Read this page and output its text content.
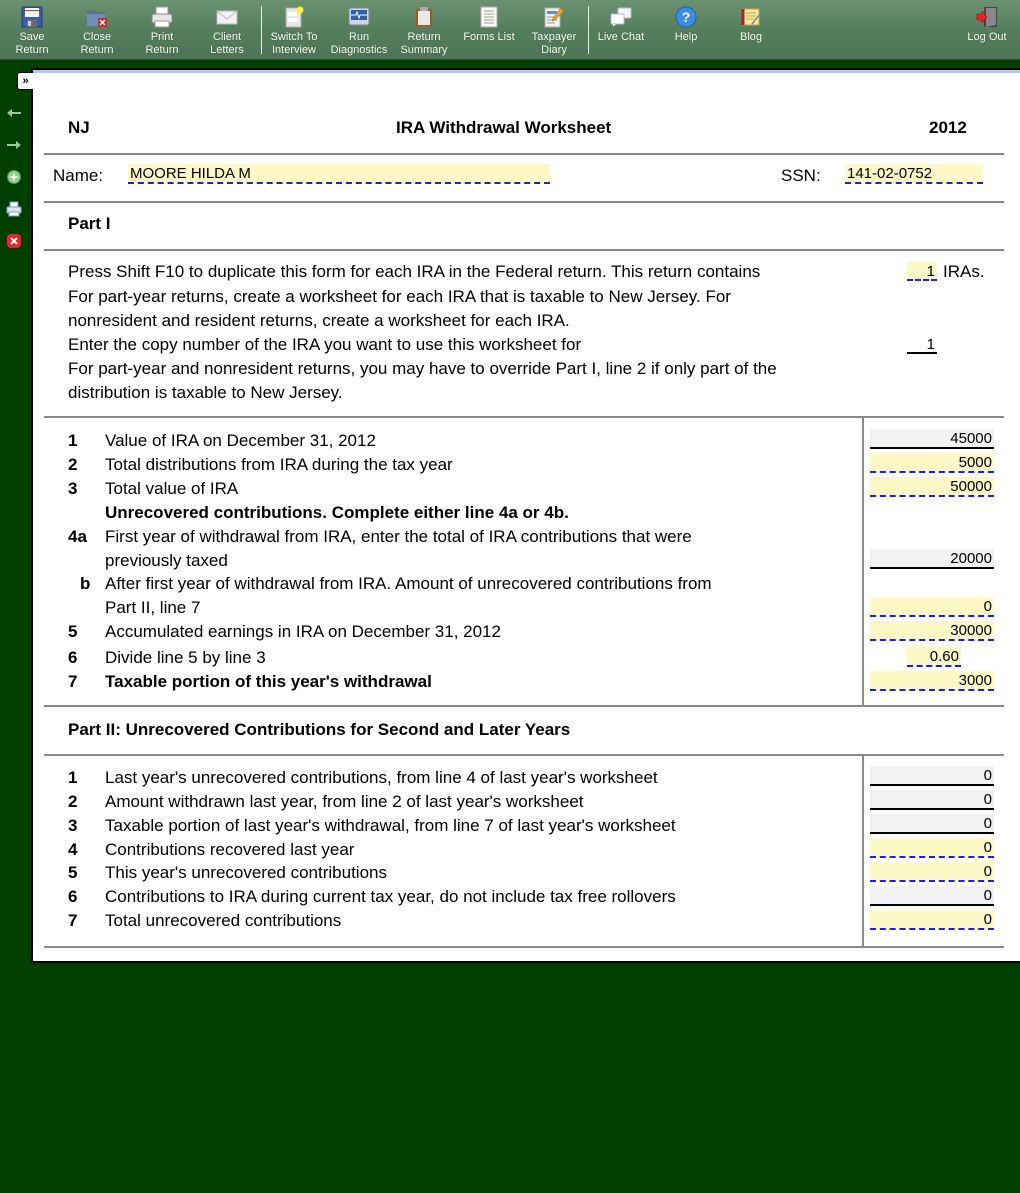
Save
Return
Close
Return
Print
Return
Client
Letters
Switch To
Interview
Run
Diagnostics
Return
Summary
Forms List	Taxpayer
Diary
Live Chat
?
Help	Blog	Log Out
»
NJ	IRA Withdrawal Worksheet	2012
Name: MOORE HILDA M	SSN: 141-02-0752
Part I
Press Shift F10 to duplicate this form for each IRA in the Federal return. This return contains	1 IRAs.
For part-year returns, create a worksheet for each IRA that is taxable to New Jersey. For
nonresident and resident returns, create a worksheet for each IRA.
Enter the copy number of the IRA you want to use this worksheet for	1
For part-year and nonresident returns, you may have to override Part I, line 2 if only part of the
distribution is taxable to New Jersey.
1 Value of IRA on December 31, 2012	45000
2 Total distributions from IRA during the tax year	5000
3 Total value of IRA	50000
Unrecovered contributions. Complete either line 4a or 4b.
4a First year of withdrawal from IRA, enter the total of IRA contributions that were
previously taxed	20000
b After first year of withdrawal from IRA. Amount of unrecovered contributions from
Part II, line 7	0
5 Accumulated earnings in IRA on December 31, 2012	30000
6 Divide line 5 by line 3	0.60
7 Taxable portion of this year's withdrawal	3000
Part II: Unrecovered Contributions for Second and Later Years
1 Last year's unrecovered contributions, from line 4 of last year's worksheet	0
2 Amount withdrawn last year, from line 2 of last year's worksheet	0
3 Taxable portion of last year's withdrawal, from line 7 of last year's worksheet	0
4 Contributions recovered last year	0
5 This year's unrecovered contributions	0
6 Contributions to IRA during current tax year, do not include tax free rollovers	0
7 Total unrecovered contributions	0
